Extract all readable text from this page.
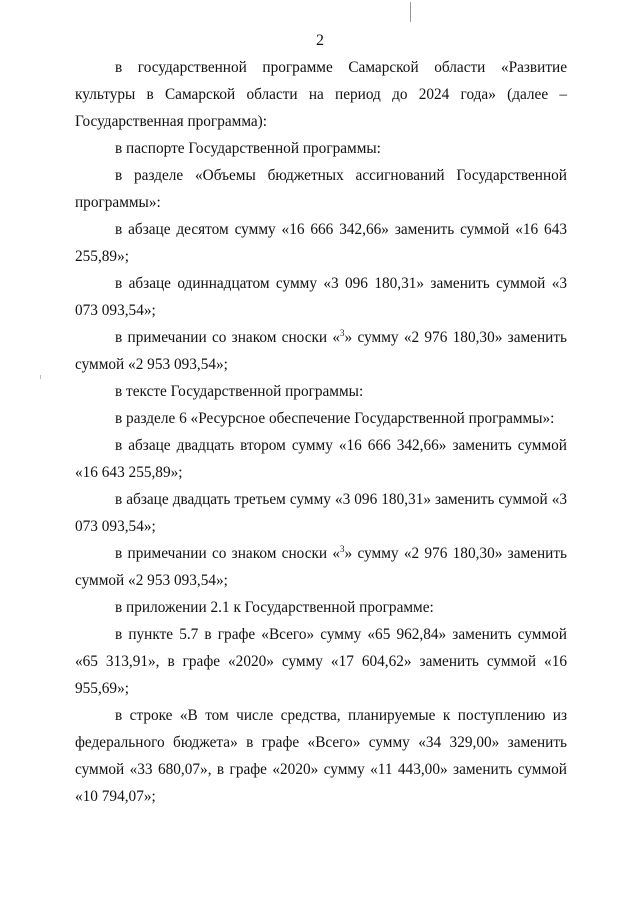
2

в государственной программе Самарской области «Развитие культуры в Самарской области на период до 2024 года» (далее – Государственная программа):

в паспорте Государственной программы:

в разделе «Объемы бюджетных ассигнований Государственной программы»:

в абзаце десятом сумму «16 666 342,66» заменить суммой «16 643 255,89»;

в абзаце одиннадцатом сумму «3 096 180,31» заменить суммой «3 073 093,54»;

в примечании со знаком сноски «$^3$» сумму «2 976 180,30» заменить суммой «2 953 093,54»;

в тексте Государственной программы:

в разделе 6 «Ресурсное обеспечение Государственной программы»:

в абзаце двадцать втором сумму «16 666 342,66» заменить суммой «16 643 255,89»;

в абзаце двадцать третьем сумму «3 096 180,31» заменить суммой «3 073 093,54»;

в примечании со знаком сноски «$^3$» сумму «2 976 180,30» заменить суммой «2 953 093,54»;

в приложении 2.1 к Государственной программе:

в пункте 5.7 в графе «Всего» сумму «65 962,84» заменить суммой «65 313,91», в графе «2020» сумму «17 604,62» заменить суммой «16 955,69»;

в строке «В том числе средства, планируемые к поступлению из федерального бюджета» в графе «Всего» сумму «34 329,00» заменить суммой «33 680,07», в графе «2020» сумму «11 443,00» заменить суммой «10 794,07»;
